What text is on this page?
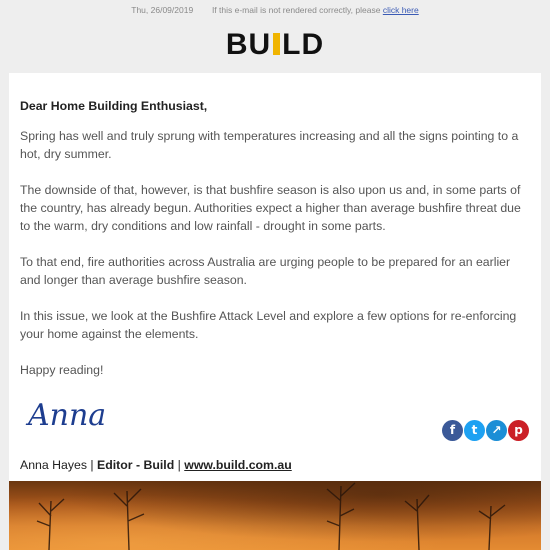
Thu, 26/09/2019 If this e-mail is not rendered correctly, please click here
BU LD

Dear Home Building Enthusiast,

Spring has well and truly sprung with temperatures increasing and all the signs pointing to a hot, dry summer.

The downside of that, however, is that bushfire season is also upon us and, in some parts of the country, has already begun. Authorities expect a higher than average bushfire threat due to the warm, dry conditions and low rainfall - drought in some parts.

To that end, fire authorities across Australia are urging people to be prepared for an earlier and longer than average bushfire season.

In this issue, we look at the Bushfire Attack Level and explore a few options for re-enforcing your home against the elements.

Happy reading!

Anna	f t ↗ p
Anna Hayes | Editor - Build | www.build.com.au
